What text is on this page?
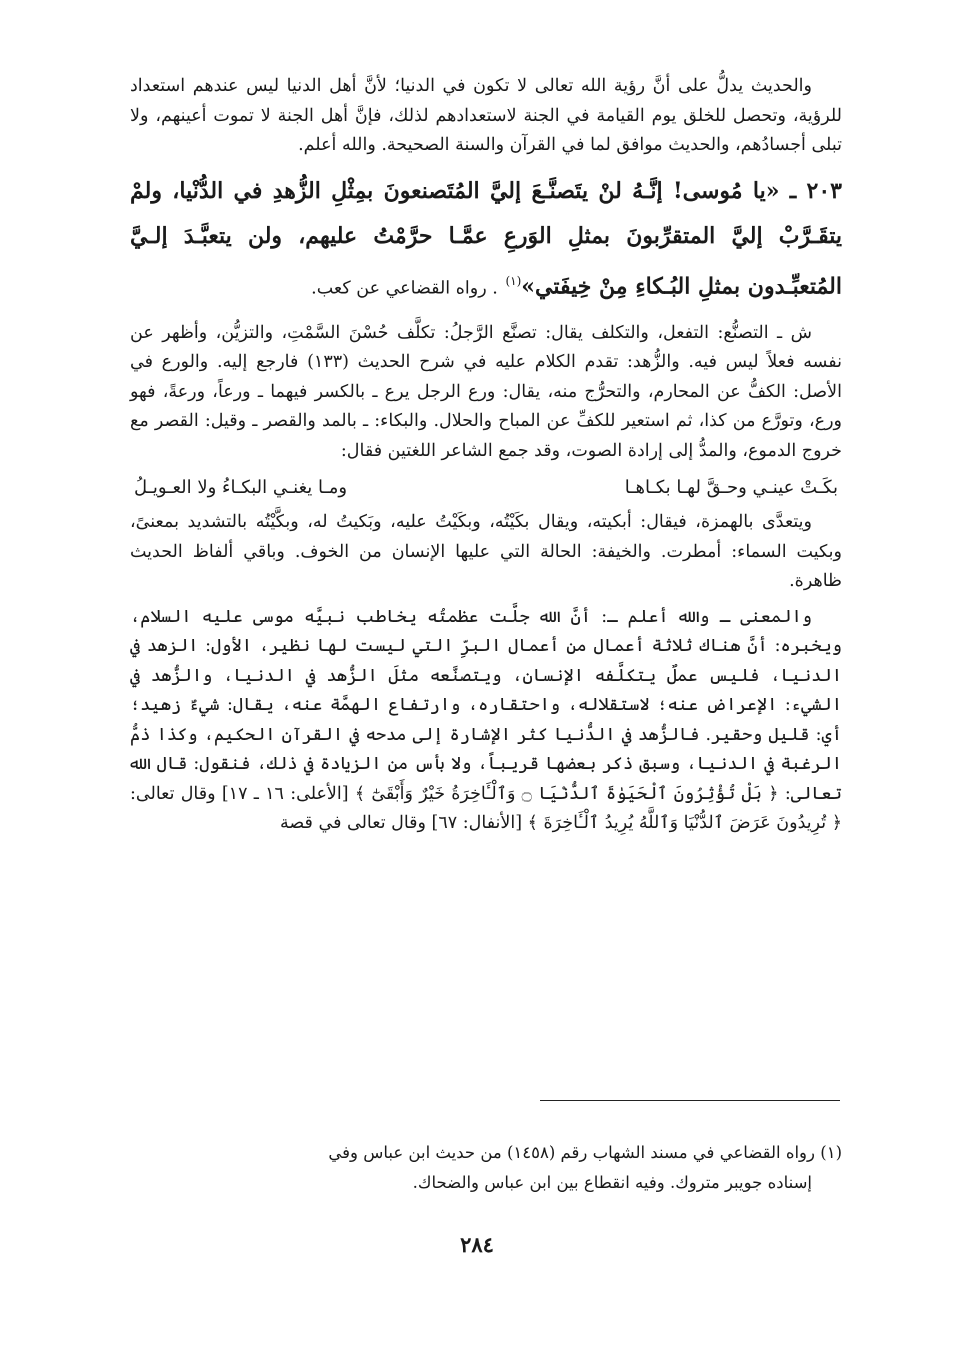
والحديث يدلُّ على أنَّ رؤية الله تعالى لا تكون في الدنيا؛ لأنَّ أهل الدنيا ليس عندهم استعداد للرؤية، وتحصل للخلق يوم القيامة في الجنة لاستعدادهم لذلك، فإنَّ أهل الجنة لا تموت أعينهم، ولا تبلى أجسادُهم، والحديث موافق لما في القرآن والسنة الصحيحة. والله أعلم.

٢٠٣ ـ «يا مُوسى! إنَّـهُ لنْ يتَصنَّـعَ إليَّ المُتَصنعونَ بمِثْلِ الزُّهدِ في الدُّنْيا، ولمْ يتقَـرَّبْ إليَّ المتقرِّبونَ بمثلِ الوَرعِ عمَّـا حرَّمْتُ عليهم، ولن يتعبَّـدَ إلـيَّ المُتعبِّـدون بمثلِ البُـكاءِ مِنْ خِيفَتي»$^{(١)}$ . رواه القضاعي عن كعب.

ش ـ التصنُّع: التفعل، والتكلف يقال: تصنَّع الرَّجلُ: تكلَّف حُسْنَ السَّمْتِ، والتزيُّن، وأظهر عن نفسه فعلاً ليس فيه. والزُّهد: تقدم الكلام عليه في شرح الحديث (١٣٣) فارجع إليه. والورع في الأصل: الكفُّ عن المحارم، والتحرُّج منه، يقال: ورع الرجل يرع ـ بالكسر فيهما ـ ورعاً، ورعةً، فهو ورع، وتورَّع من كذا، ثم استعير للكفِّ عن المباح والحلال. والبكاء: ـ بالمد والقصر ـ وقيل: القصر مع خروج الدموع، والمدُّ إلى إرادة الصوت، وقد جمع الشاعر اللغتين فقال:

بكَـتْ عينـي وحـقَّ لهـا بكـاهـا
ومـا يغنـي البكـاءُ ولا العـويـلُ

ويتعدَّى بالهمزة، فيقال: أبكيته، ويقال بكَيْتُه، وبكَيْتُ عليه، وبَكيتُ له، وبكَّيْتُه بالتشديد بمعنىً، وبكيت السماء: أمطرت. والخيفة: الحالة التي عليها الإنسان من الخوف. وباقي ألفاظ الحديث ظاهرة.

والمعنى ـ والله أعلم ـ: أنَّ الله جلَّت عظمتُه يخاطب نبيَّه موسى عليه السلام، ويخبره: أنَّ هناك ثلاثة أعمال من أعمال البرِّ التي ليست لها نظير، الأول: الزهد في الدنيا، فليس عملٌ يتكلَّفه الإنسان، ويتصنَّعه مثلَ الزُّهد في الدنيا، والزُّهد في الشيء: الإعراض عنه؛ لاستقلاله، واحتقاره، وارتفاع الهمَّة عنه، يقال: شيءٌ زهيد؛ أي: قليل وحقير. فالزُّهد في الدُّنيا كثر الإشارة إلى مدحه في القرآن الحكيم، وكذا ذمُّ الرغبة في الدنيا، وسبق ذكر بعضها قريباً، ولا بأس من الزيادة في ذلك، فنقول: قال الله تعالى: ﴿ بَلْ تُؤْثِرُونَ ٱلْحَيَوٰةَ ٱلدُّنْيَا ۝ وَٱلْـَٔاخِرَةُ خَيْرٌ وَأَبْقَىٰٓ ﴾ [الأعلى: ١٦ ـ ١٧] وقال تعالى: ﴿ تُرِيدُونَ عَرَضَ ٱلدُّنْيَا وَٱللَّهُ يُرِيدُ ٱلْـَٔاخِرَةَ ﴾ [الأنفال: ٦٧] وقال تعالى في قصة

(١) رواه القضاعي في مسند الشهاب رقم (١٤٥٨) من حديث ابن عباس وفي

إسناده جويبر متروك. وفيه انقطاع بين ابن عباس والضحاك.

٢٨٤
